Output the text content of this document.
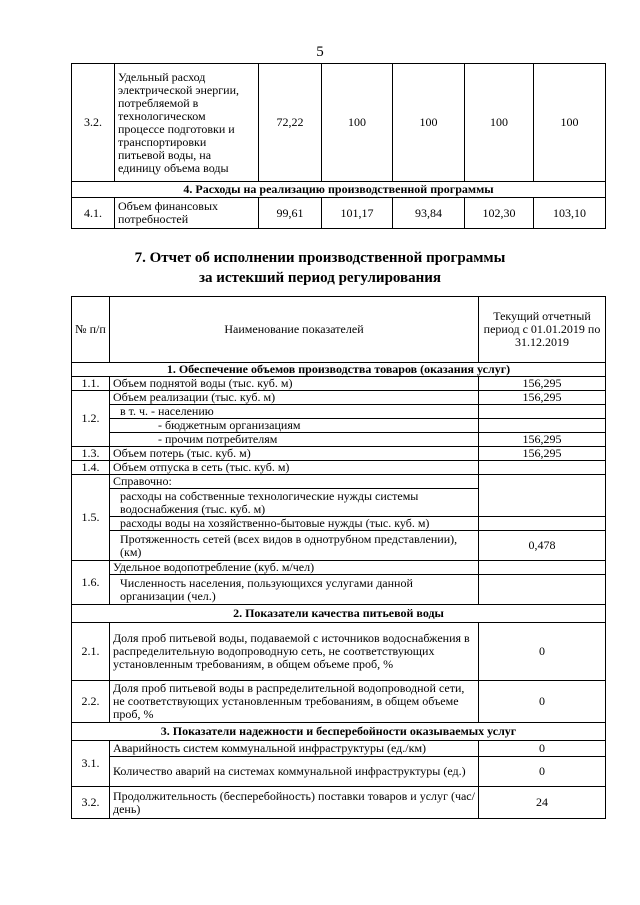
5
3.2.	Удельный расход электрической энергии, потребляемой в технологическом процессе подготовки и транспортировки питьевой воды, на единицу объема воды	72,22	100	100	100	100
4. Расходы на реализацию производственной программы						
4.1.	Объем финансовых потребностей	99,61	101,17	93,84	102,30	103,10
7. Отчет об исполнении производственной программы
за истекший период регулирования
№ п/п	Наименование показателей	Текущий отчетный период с 01.01.2019 по 31.12.2019
1. Обеспечение объемов производства товаров (оказания услуг)		
1.1.	Объем поднятой воды (тыс. куб. м)	156,295
1.2.	Объем реализации (тыс. куб. м)	156,295
	в т. ч. - населению	
	- бюджетным организациям	
	- прочим потребителям	156,295
1.3.	Объем потерь (тыс. куб. м)	156,295
1.4.	Объем отпуска в сеть (тыс. куб. м)	
1.5.	Справочно:	
	расходы на собственные технологические нужды системы водоснабжения (тыс. куб. м)	
	расходы воды на хозяйственно-бытовые нужды (тыс. куб. м)	
	Протяженность сетей (всех видов в однотрубном представлении), (км)	0,478
1.6.	Удельное водопотребление (куб. м/чел)	
	Численность населения, пользующихся услугами данной организации (чел.)	
2. Показатели качества питьевой воды		
2.1.	Доля проб питьевой воды, подаваемой с источников водоснабжения в распределительную водопроводную сеть, не соответствующих установленным требованиям, в общем объеме проб, %	0
2.2.	Доля проб питьевой воды в распределительной водопроводной сети, не соответствующих установленным требованиям, в общем объеме проб, %	0
3. Показатели надежности и бесперебойности оказываемых услуг		
3.1.	Аварийность систем коммунальной инфраструктуры (ед./км)	0
	Количество аварий на системах коммунальной инфраструктуры (ед.)	0
3.2.	Продолжительность (бесперебойность) поставки товаров и услуг (час/день)	24
